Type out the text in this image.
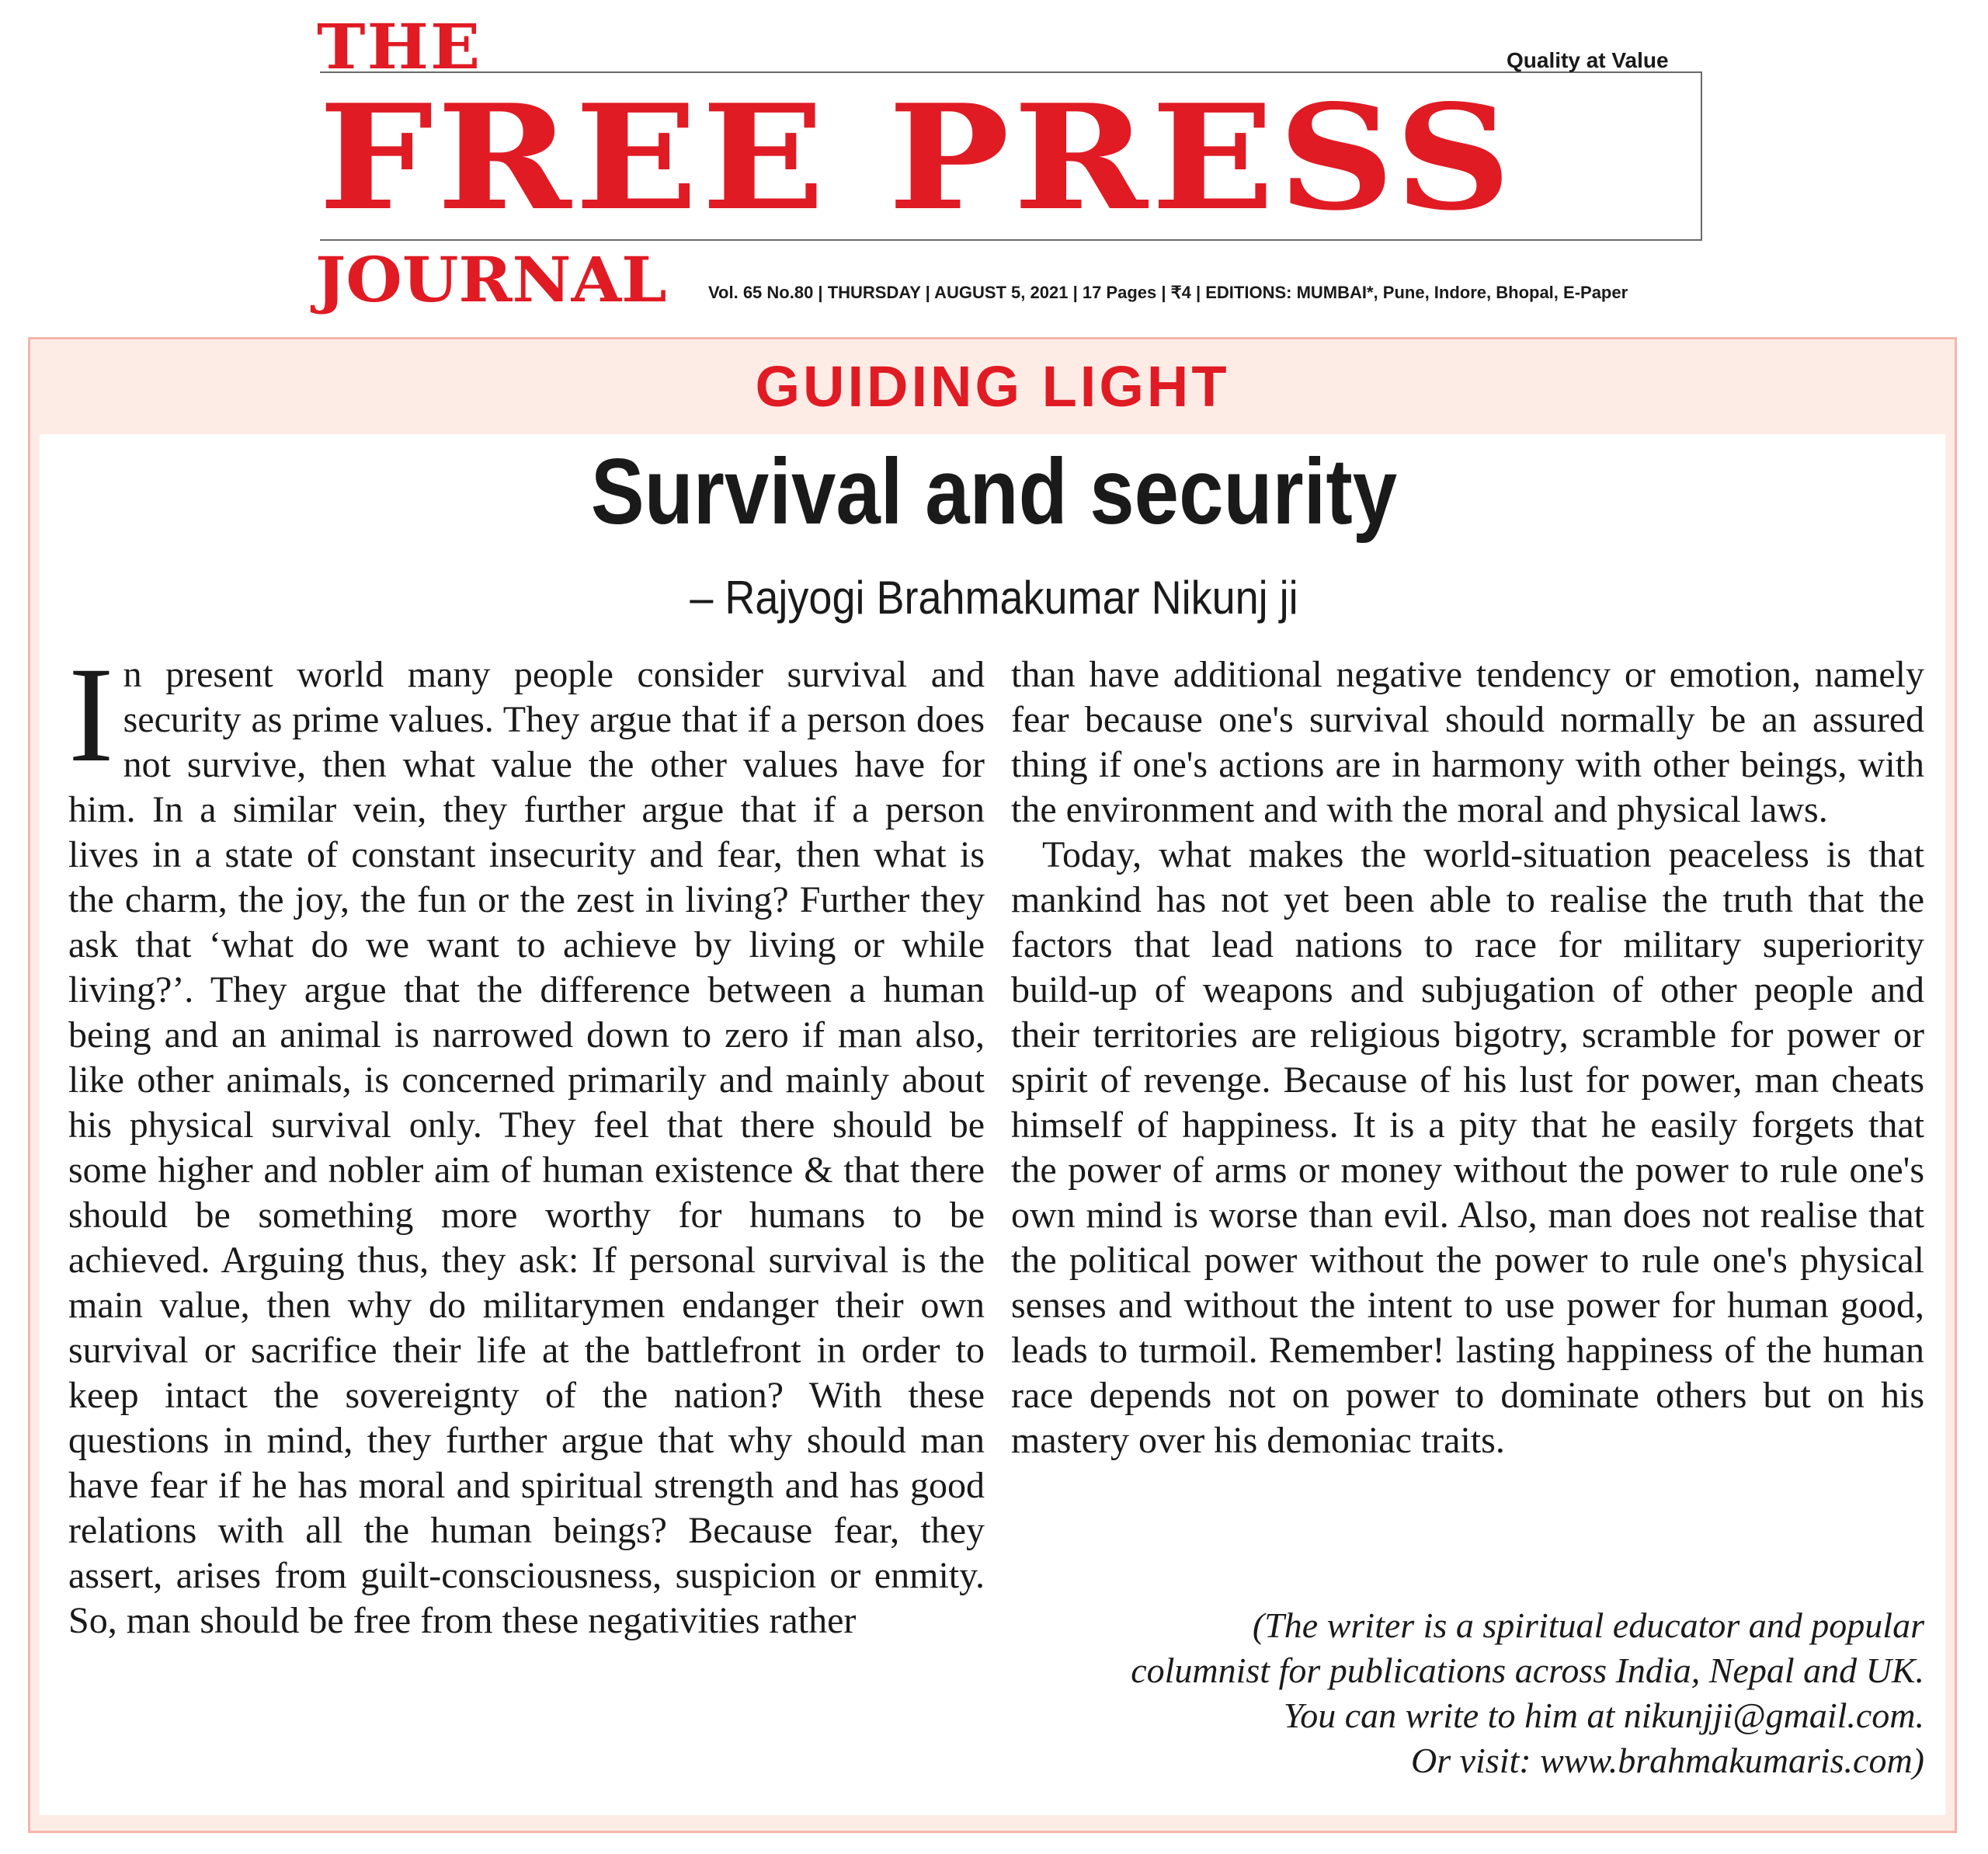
THE	Quality at Value
FREE PRESS
JOURNAL Vol. 65 No.80 | THURSDAY | AUGUST 5, 2021 | 17 Pages | ₹4 | EDITIONS: MUMBAI*, Pune, Indore, Bhopal, E-Paper
GUIDING LIGHT
Survival and security
– Rajyogi Brahmakumar Nikunj ji
I n present world many people consider survival and security as prime values. They argue that if a person does not survive, then what value the other values have for him. In a similar vein, they further argue that if a person lives in a state of constant insecurity and fear, then what is the charm, the joy, the fun or the zest in living? Further they ask that ‘what do we want to achieve by living or while living?’. They argue that the difference between a human being and an animal is narrowed down to zero if man also, like other animals, is concerned primarily and mainly about his physical survival only. They feel that there should be some higher and nobler aim of human existence & that there should be something more worthy for humans to be achieved. Arguing thus, they ask: If personal survival is the main value, then why do militarymen endanger their own survival or sacrifice their life at the battlefront in order to keep intact the sovereignty of the nation? With these questions in mind, they further argue that why should man have fear if he has moral and spiritual strength and has good relations with all the human beings? Because fear, they assert, arises from guilt-consciousness, suspicion or enmity. So, man should be free from these negativities rather

than have additional negative tendency or emotion, namely fear because one's survival should normally be an assured thing if one's actions are in harmony with other beings, with the environment and with the moral and physical laws.

Today, what makes the world-situation peaceless is that mankind has not yet been able to realise the truth that the factors that lead nations to race for military superiority build-up of weapons and subjugation of other people and their territories are religious bigotry, scramble for power or spirit of revenge. Because of his lust for power, man cheats himself of happiness. It is a pity that he easily forgets that the power of arms or money without the power to rule one's own mind is worse than evil. Also, man does not realise that the political power without the power to rule one's physical senses and without the intent to use power for human good, leads to turmoil. Remember! lasting happiness of the human race depends not on power to dominate others but on his mastery over his demoniac traits.

(The writer is a spiritual educator and popular
columnist for publications across India, Nepal and UK.
You can write to him at nikunjji@gmail.com.
Or visit: www.brahmakumaris.com)
